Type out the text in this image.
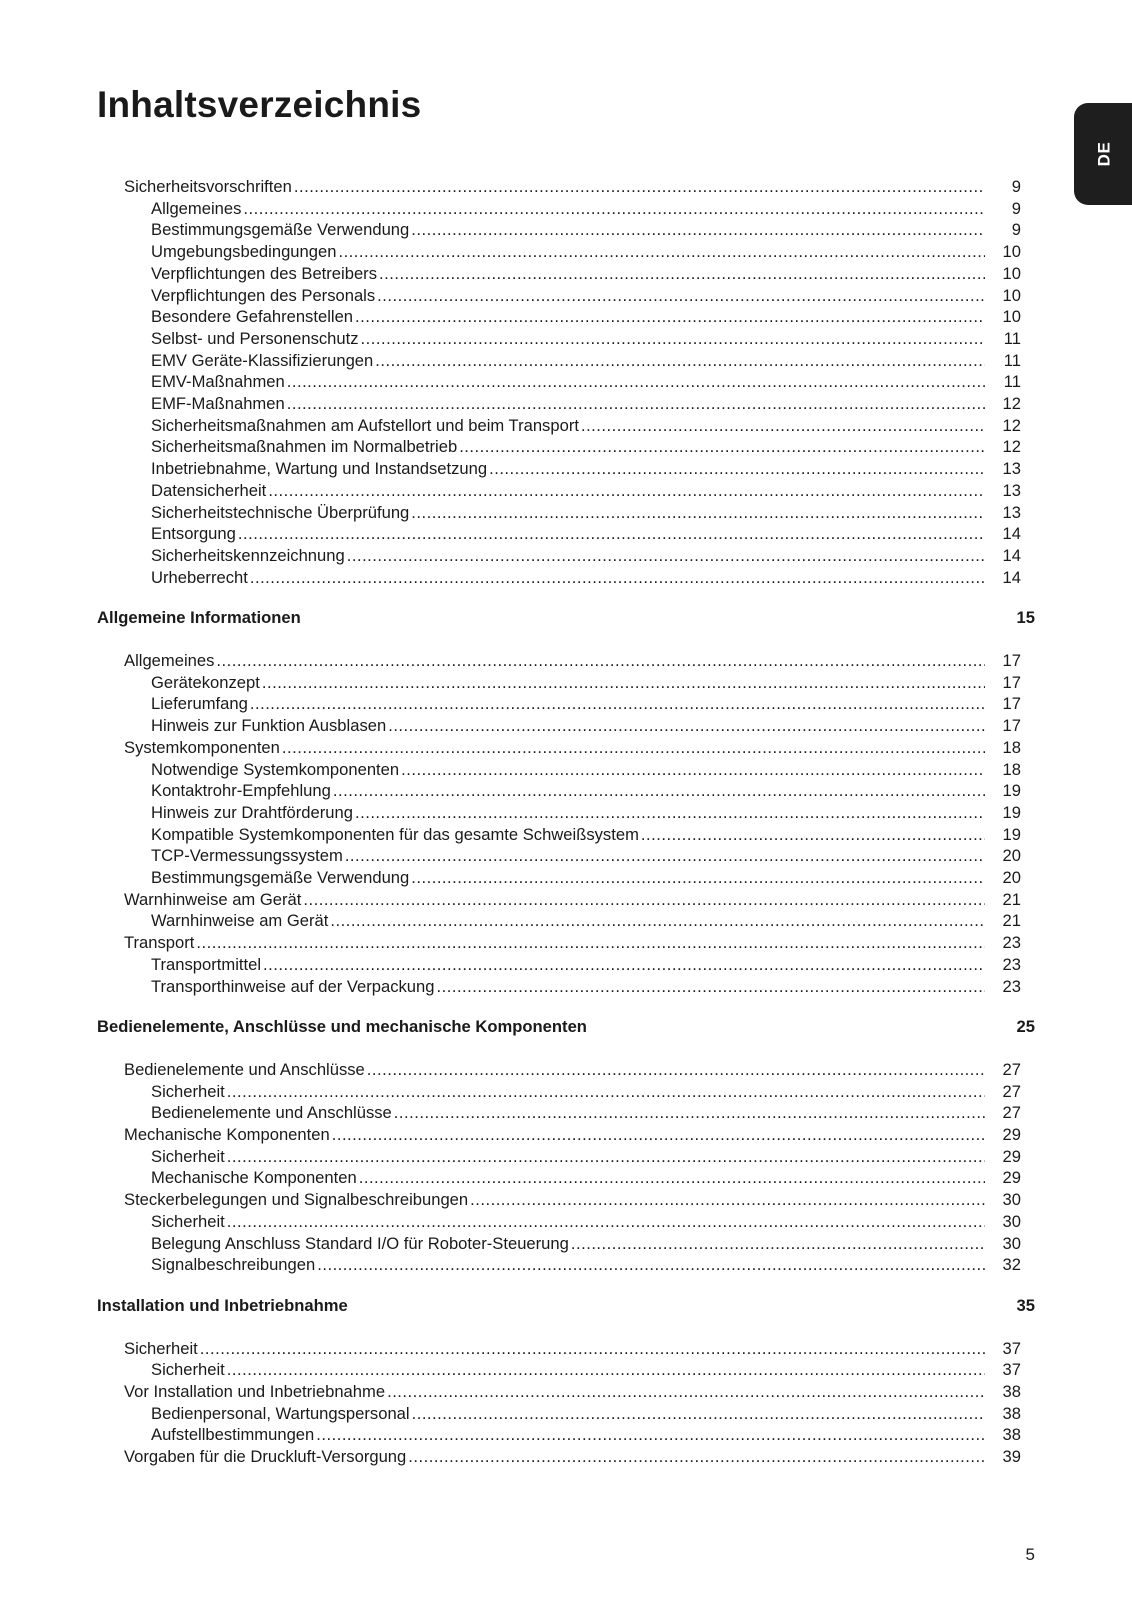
Inhaltsverzeichnis
DE
Sicherheitsvorschriften .....	9
Allgemeines .....	9
Bestimmungsgemäße Verwendung .....	9
Umgebungsbedingungen .....	10
Verpflichtungen des Betreibers .....	10
Verpflichtungen des Personals .....	10
Besondere Gefahrenstellen .....	10
Selbst- und Personenschutz .....	11
EMV Geräte-Klassifizierungen .....	11
EMV-Maßnahmen .....	11
EMF-Maßnahmen .....	12
Sicherheitsmaßnahmen am Aufstellort und beim Transport .....	12
Sicherheitsmaßnahmen im Normalbetrieb .....	12
Inbetriebnahme, Wartung und Instandsetzung .....	13
Datensicherheit .....	13
Sicherheitstechnische Überprüfung .....	13
Entsorgung .....	14
Sicherheitskennzeichnung .....	14
Urheberrecht .....	14
Allgemeine Informationen	15
Allgemeines .....	17
Gerätekonzept .....	17
Lieferumfang .....	17
Hinweis zur Funktion Ausblasen .....	17
Systemkomponenten .....	18
Notwendige Systemkomponenten .....	18
Kontaktrohr-Empfehlung .....	19
Hinweis zur Drahtförderung .....	19
Kompatible Systemkomponenten für das gesamte Schweißsystem .....	19
TCP-Vermessungssystem .....	20
Bestimmungsgemäße Verwendung .....	20
Warnhinweise am Gerät .....	21
Warnhinweise am Gerät .....	21
Transport .....	23
Transportmittel .....	23
Transporthinweise auf der Verpackung .....	23
Bedienelemente, Anschlüsse und mechanische Komponenten	25
Bedienelemente und Anschlüsse .....	27
Sicherheit .....	27
Bedienelemente und Anschlüsse .....	27
Mechanische Komponenten .....	29
Sicherheit .....	29
Mechanische Komponenten .....	29
Steckerbelegungen und Signalbeschreibungen .....	30
Sicherheit .....	30
Belegung Anschluss Standard I/O für Roboter-Steuerung .....	30
Signalbeschreibungen .....	32
Installation und Inbetriebnahme	35
Sicherheit .....	37
Sicherheit .....	37
Vor Installation und Inbetriebnahme .....	38
Bedienpersonal, Wartungspersonal .....	38
Aufstellbestimmungen .....	38
Vorgaben für die Druckluft-Versorgung .....	39
5
